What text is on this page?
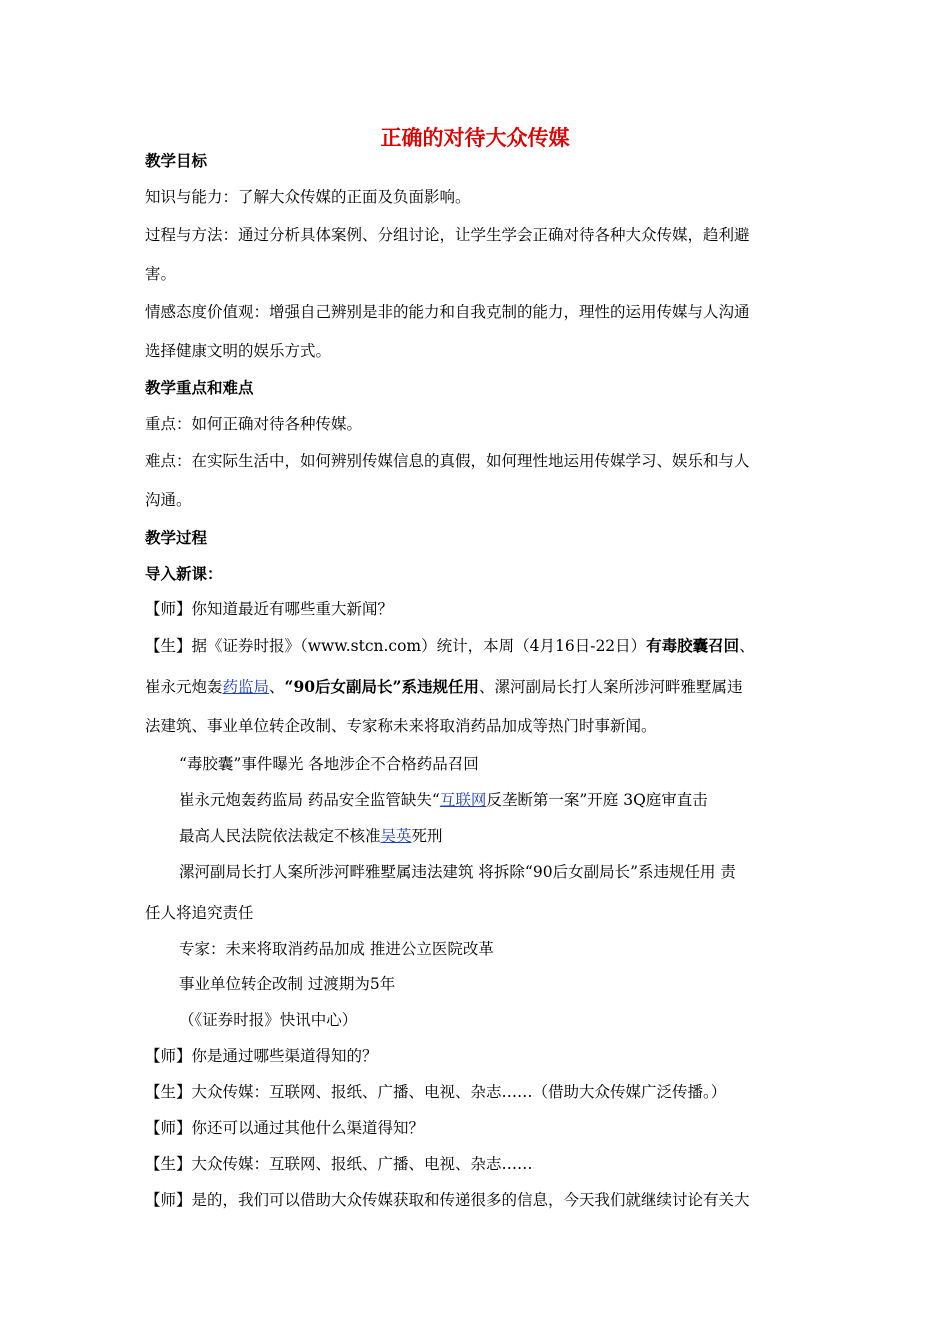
正确的对待大众传媒
教学目标
知识与能力：了解大众传媒的正面及负面影响。
过程与方法：通过分析具体案例、分组讨论，让学生学会正确对待各种大众传媒，趋利避
害。
情感态度价值观：增强自己辨别是非的能力和自我克制的能力，理性的运用传媒与人沟通
选择健康文明的娱乐方式。
教学重点和难点
重点：如何正确对待各种传媒。
难点：在实际生活中，如何辨别传媒信息的真假，如何理性地运用传媒学习、娱乐和与人
沟通。
教学过程
导入新课：
【师】你知道最近有哪些重大新闻？
【生】据《证券时报》（www.stcn.com）统计，本周（4月16日-22日）有毒胶囊召回、
崔永元炮轰药监局、“90后女副局长”系违规任用、漯河副局长打人案所涉河畔雅墅属违
法建筑、事业单位转企改制、专家称未来将取消药品加成等热门时事新闻。
“毒胶囊”事件曝光 各地涉企不合格药品召回
崔永元炮轰药监局 药品安全监管缺失“互联网反垄断第一案”开庭 3Q庭审直击
最高人民法院依法裁定不核准吴英死刑
漯河副局长打人案所涉河畔雅墅属违法建筑 将拆除“90后女副局长”系违规任用 责
任人将追究责任
专家：未来将取消药品加成 推进公立医院改革
事业单位转企改制 过渡期为5年
（《证券时报》快讯中心）
【师】你是通过哪些渠道得知的？
【生】大众传媒：互联网、报纸、广播、电视、杂志……（借助大众传媒广泛传播。）
【师】你还可以通过其他什么渠道得知？
【生】大众传媒：互联网、报纸、广播、电视、杂志……
【师】是的，我们可以借助大众传媒获取和传递很多的信息，今天我们就继续讨论有关大
